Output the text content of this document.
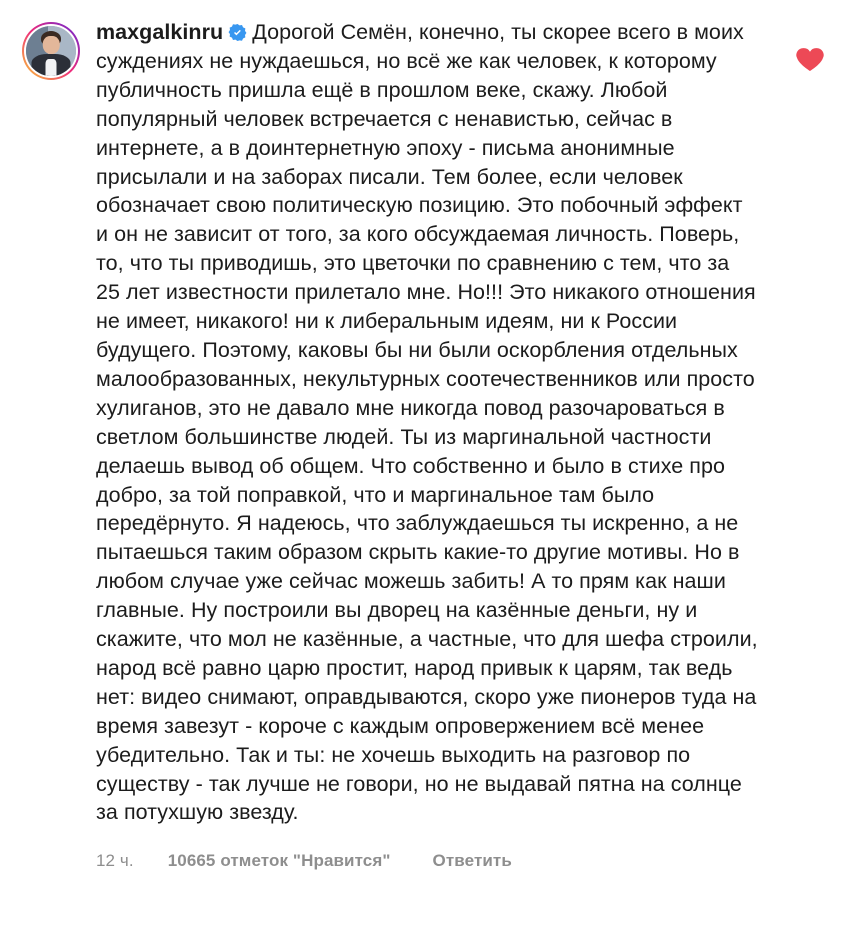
maxgalkinru Дорогой Семён, конечно, ты скорее всего в моих суждениях не нуждаешься, но всё же как человек, к которому публичность пришла ещё в прошлом веке, скажу. Любой популярный человек встречается с ненавистью, сейчас в интернете, а в доинтернетную эпоху - письма анонимные присылали и на заборах писали. Тем более, если человек обозначает свою политическую позицию. Это побочный эффект и он не зависит от того, за кого обсуждаемая личность. Поверь, то, что ты приводишь, это цветочки по сравнению с тем, что за 25 лет известности прилетало мне. Но!!! Это никакого отношения не имеет, никакого! ни к либеральным идеям, ни к России будущего. Поэтому, каковы бы ни были оскорбления отдельных малообразованных, некультурных соотечественников или просто хулиганов, это не давало мне никогда повод разочароваться в светлом большинстве людей. Ты из маргинальной частности делаешь вывод об общем. Что собственно и было в стихе про добро, за той поправкой, что и маргинальное там было передёрнуто. Я надеюсь, что заблуждаешься ты искренно, а не пытаешься таким образом скрыть какие-то другие мотивы. Но в любом случае уже сейчас можешь забить! А то прям как наши главные. Ну построили вы дворец на казённые деньги, ну и скажите, что мол не казённые, а частные, что для шефа строили, народ всё равно царю простит, народ привык к царям, так ведь нет: видео снимают, оправдываются, скоро уже пионеров туда на время завезут - короче с каждым опровержением всё менее убедительно. Так и ты: не хочешь выходить на разговор по существу - так лучше не говори, но не выдавай пятна на солнце за потухшую звезду.
12 ч. 10665 отметок "Нравится" Ответить
